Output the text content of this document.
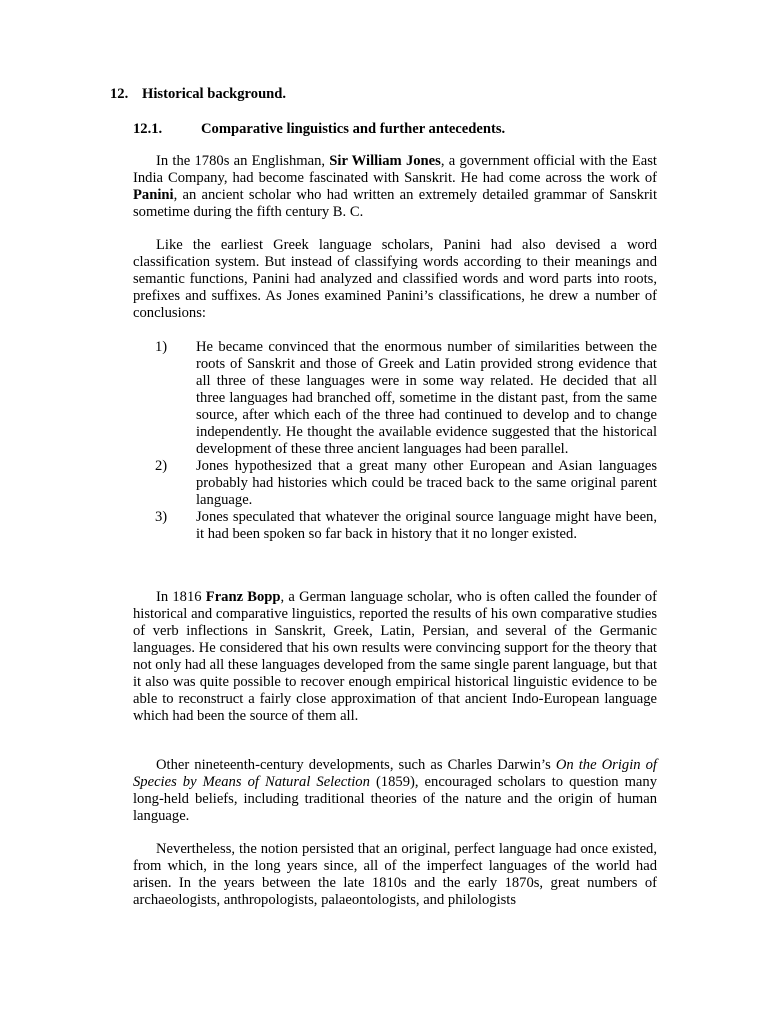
12. Historical background.
12.1.	Comparative linguistics and further antecedents.

In the 1780s an Englishman, Sir William Jones, a government official with the East India Company, had become fascinated with Sanskrit. He had come across the work of Panini, an ancient scholar who had written an extremely detailed grammar of Sanskrit sometime during the fifth century B. C.

Like the earliest Greek language scholars, Panini had also devised a word classification system. But instead of classifying words according to their meanings and semantic functions, Panini had analyzed and classified words and word parts into roots, prefixes and suffixes. As Jones examined Panini’s classifications, he drew a number of conclusions:

1) He became convinced that the enormous number of similarities between the roots of Sanskrit and those of Greek and Latin provided strong evidence that all three of these languages were in some way related. He decided that all three languages had branched off, sometime in the distant past, from the same source, after which each of the three had continued to develop and to change independently. He thought the available evidence suggested that the historical development of these three ancient languages had been parallel.
2) Jones hypothesized that a great many other European and Asian languages probably had histories which could be traced back to the same original parent language.
3) Jones speculated that whatever the original source language might have been, it had been spoken so far back in history that it no longer existed.

In 1816 Franz Bopp, a German language scholar, who is often called the founder of historical and comparative linguistics, reported the results of his own comparative studies of verb inflections in Sanskrit, Greek, Latin, Persian, and several of the Germanic languages. He considered that his own results were convincing support for the theory that not only had all these languages developed from the same single parent language, but that it also was quite possible to recover enough empirical historical linguistic evidence to be able to reconstruct a fairly close approximation of that ancient Indo-European language which had been the source of them all.

Other nineteenth-century developments, such as Charles Darwin’s On the Origin of Species by Means of Natural Selection (1859), encouraged scholars to question many long-held beliefs, including traditional theories of the nature and the origin of human language.

Nevertheless, the notion persisted that an original, perfect language had once existed, from which, in the long years since, all of the imperfect languages of the world had arisen. In the years between the late 1810s and the early 1870s, great numbers of archaeologists, anthropologists, palaeontologists, and philologists
